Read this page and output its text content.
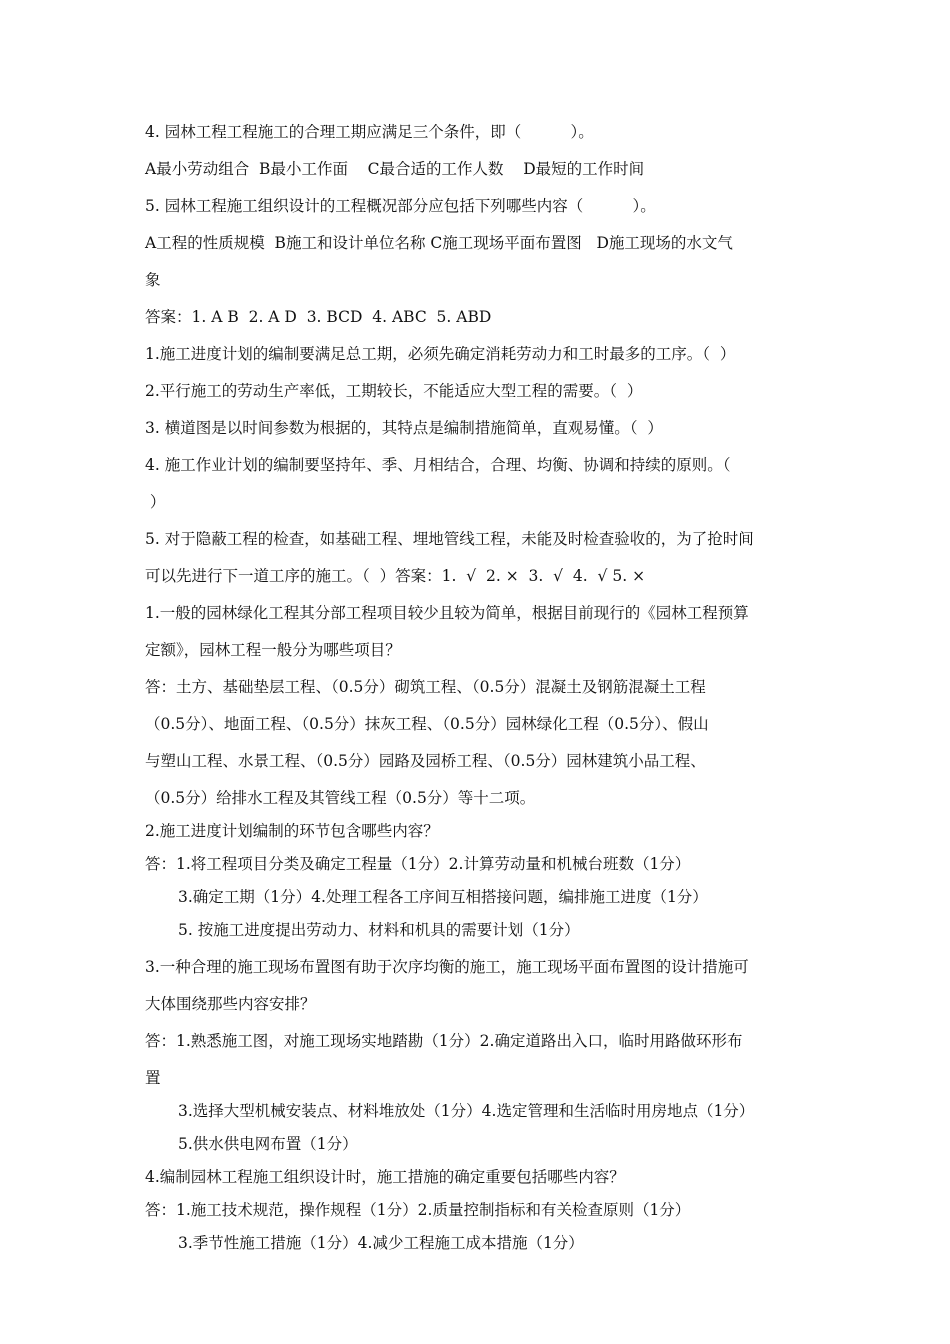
4. 园林工程工程施工的合理工期应满足三个条件，即（          ）。
A最小劳动组合  B最小工作面    C最合适的工作人数    D最短的工作时间
5. 园林工程施工组织设计的工程概况部分应包括下列哪些内容（          ）。
A工程的性质规模  B施工和设计单位名称 C施工现场平面布置图   D施工现场的水文气
象
答案：1. A B  2. A D  3. BCD  4. ABC  5. ABD
1.施工进度计划的编制要满足总工期，必须先确定消耗劳动力和工时最多的工序。（  ）
2.平行施工的劳动生产率低，工期较长，不能适应大型工程的需要。（  ）
3. 横道图是以时间参数为根据的，其特点是编制措施简单，直观易懂。（  ）
4. 施工作业计划的编制要坚持年、季、月相结合，合理、均衡、协调和持续的原则。（
）
5. 对于隐蔽工程的检查，如基础工程、埋地管线工程，未能及时检查验收的，为了抢时间
可以先进行下一道工序的施工。（  ）答案：1.  √  2. ×  3.  √  4.  √ 5. ×
1.一般的园林绿化工程其分部工程项目较少且较为简单，根据目前现行的《园林工程预算
定额》，园林工程一般分为哪些项目？
答：土方、基础垫层工程、（0.5分）砌筑工程、（0.5分）混凝土及钢筋混凝土工程
（0.5分）、地面工程、（0.5分）抹灰工程、（0.5分）园林绿化工程（0.5分）、假山
与塑山工程、水景工程、（0.5分）园路及园桥工程、（0.5分）园林建筑小品工程、
（0.5分）给排水工程及其管线工程（0.5分）等十二项。
2.施工进度计划编制的环节包含哪些内容？
答：1.将工程项目分类及确定工程量（1分）2.计算劳动量和机械台班数（1分）
3.确定工期（1分）4.处理工程各工序间互相搭接问题，编排施工进度（1分）
5. 按施工进度提出劳动力、材料和机具的需要计划（1分）
3.一种合理的施工现场布置图有助于次序均衡的施工，施工现场平面布置图的设计措施可
大体围绕那些内容安排？
答：1.熟悉施工图，对施工现场实地踏勘（1分）2.确定道路出入口，临时用路做环形布
置
3.选择大型机械安装点、材料堆放处（1分）4.选定管理和生活临时用房地点（1分）
5.供水供电网布置（1分）
4.编制园林工程施工组织设计时，施工措施的确定重要包括哪些内容？
答：1.施工技术规范，操作规程（1分）2.质量控制指标和有关检查原则（1分）
3.季节性施工措施（1分）4.减少工程施工成本措施（1分）
